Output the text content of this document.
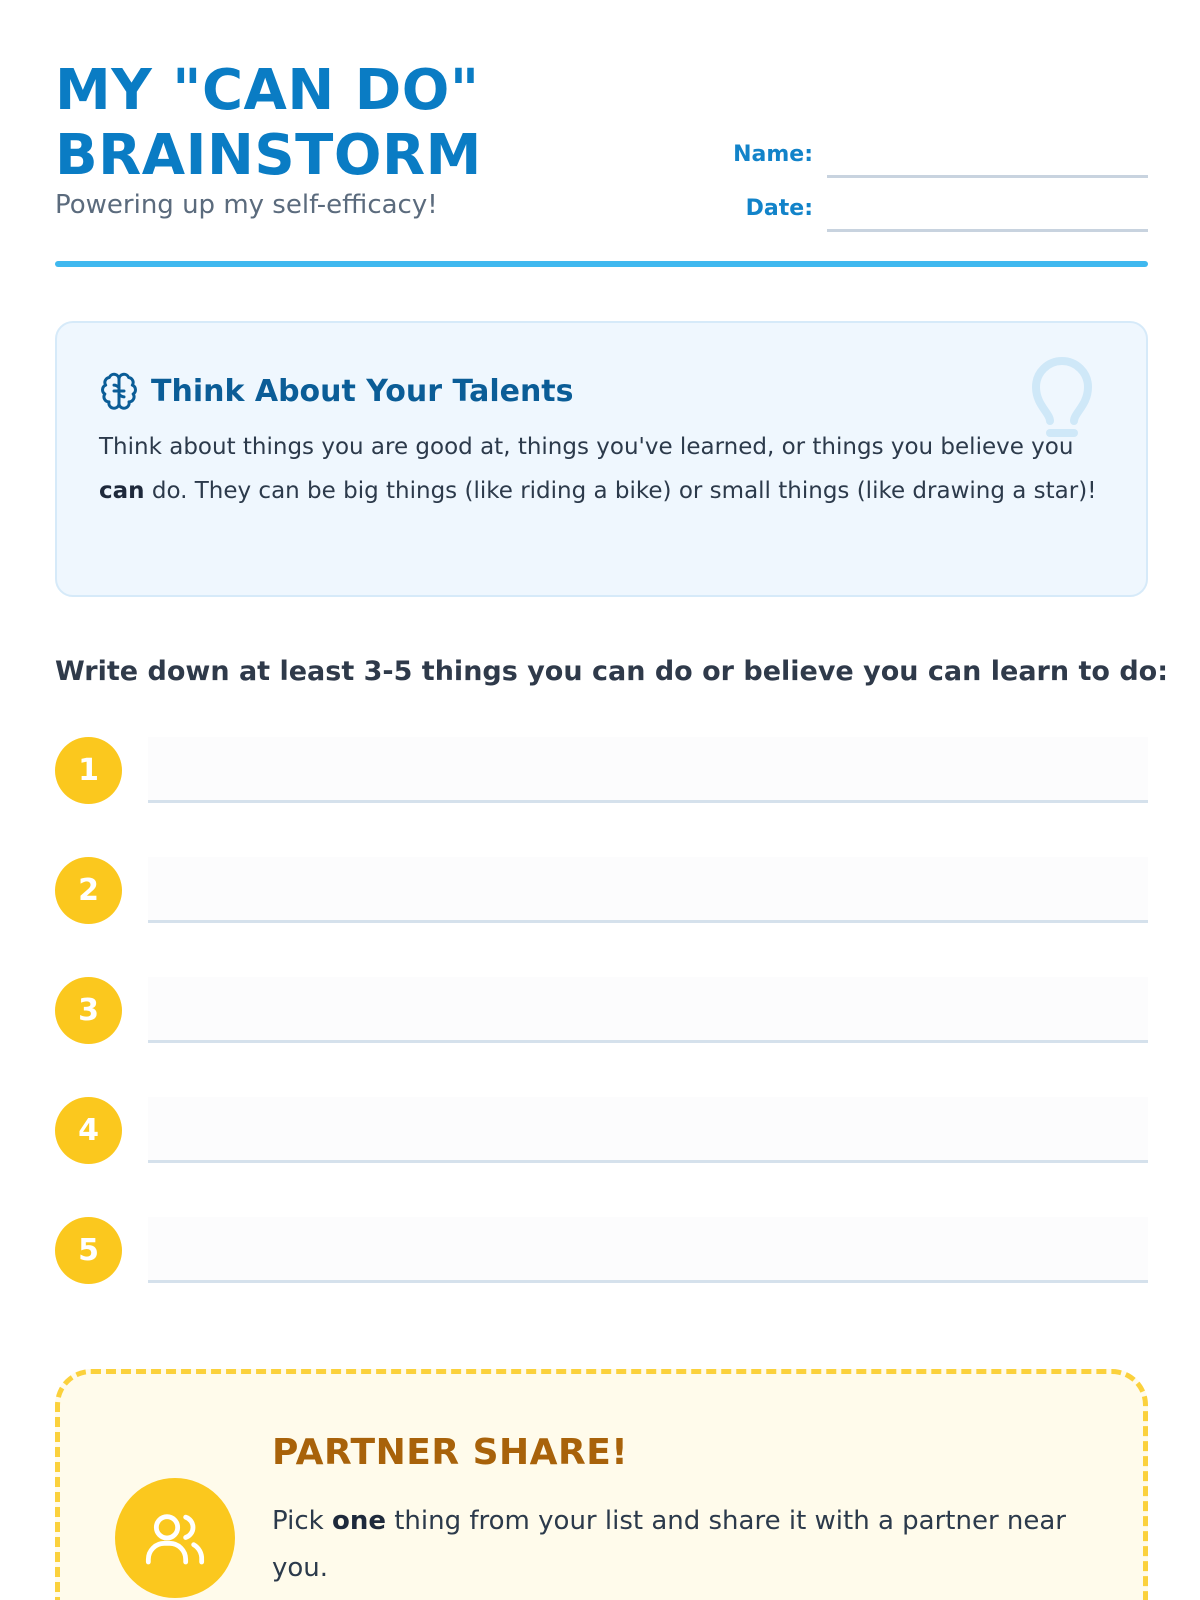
MY "CAN DO"
BRAINSTORM
Powering up my self-efficacy!
Name:
Date:
Think About Your Talents

Think about things you are good at, things you've learned, or things you believe you can do. They can be big things (like riding a bike) or small things (like drawing a star)!

Write down at least 3-5 things you can do or believe you can learn to do:

1
2
3
4
5
PARTNER SHARE!

Pick one thing from your list and share it with a partner near you.
